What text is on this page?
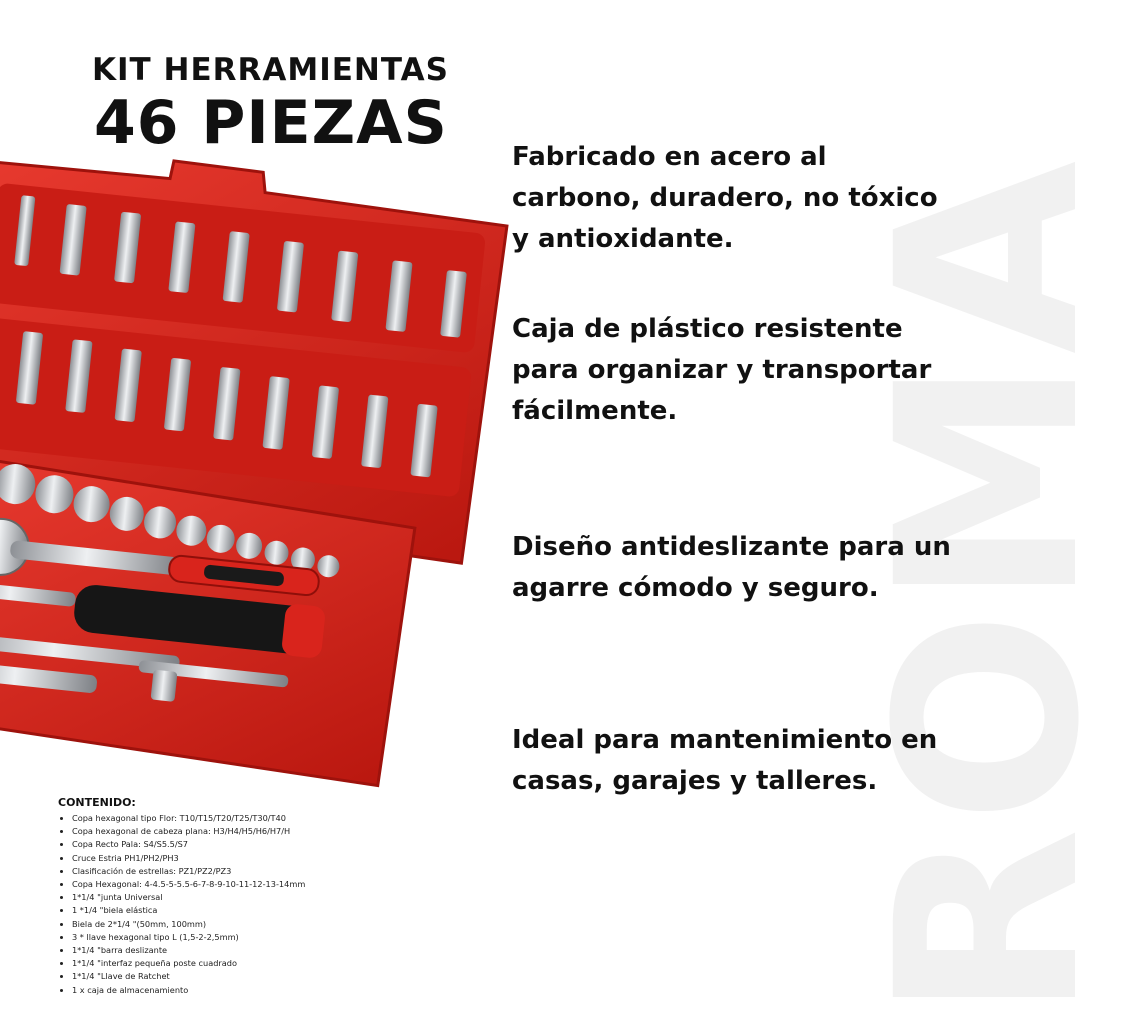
ROMA
KIT HERRAMIENTAS
46 PIEZAS Fabricado en acero al carbono, duradero, no tóxico y antioxidante.
Caja de plástico resistente para organizar y transportar fácilmente.
Diseño antideslizante para un agarre cómodo y seguro.
Ideal para mantenimiento en casas, garajes y talleres.
CONTENIDO:
• Copa hexagonal tipo Flor: T10/T15/T20/T25/T30/T40
• Copa hexagonal de cabeza plana: H3/H4/H5/H6/H7/H
• Copa Recto Pala: S4/S5.5/S7
• Cruce Estria PH1/PH2/PH3
• Clasificación de estrellas: PZ1/PZ2/PZ3
• Copa Hexagonal: 4-4.5-5-5.5-6-7-8-9-10-11-12-13-14mm
• 1*1/4 "junta Universal
• 1 *1/4 "biela elástica
• Biela de 2*1/4 "(50mm, 100mm)
• 3 * llave hexagonal tipo L (1,5-2-2,5mm)
• 1*1/4 "barra deslizante
• 1*1/4 "interfaz pequeña poste cuadrado
• 1*1/4 "Llave de Ratchet
• 1 x caja de almacenamiento
